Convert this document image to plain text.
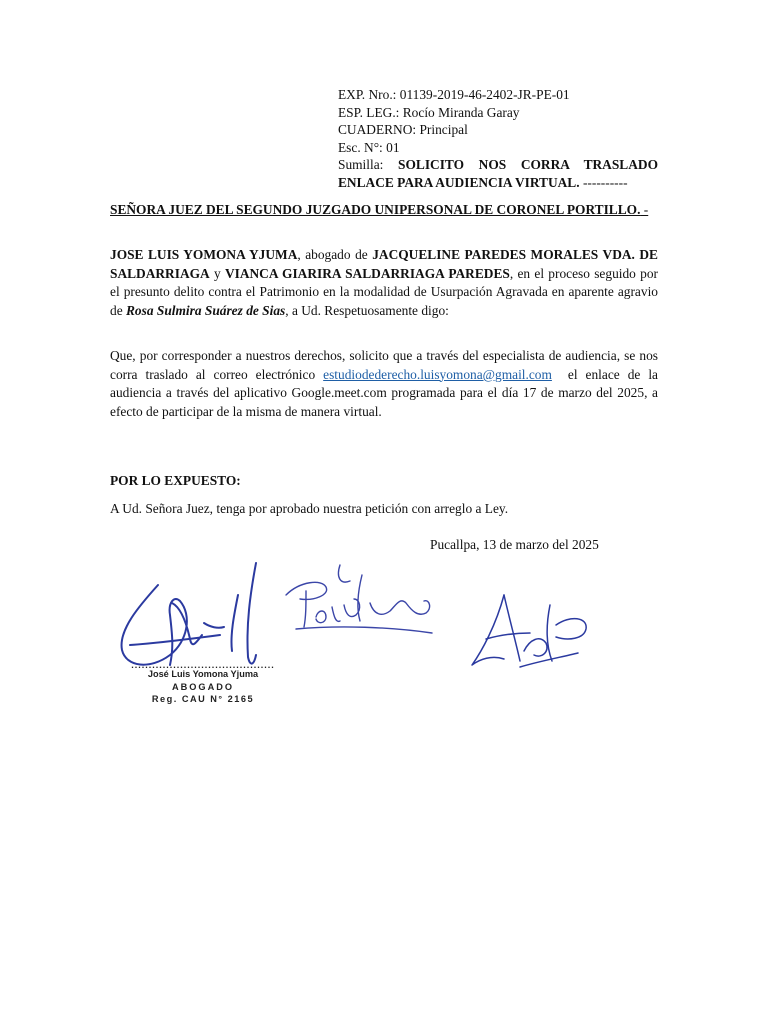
EXP. Nro.: 01139-2019-46-2402-JR-PE-01
ESP. LEG.: Rocío Miranda Garay
CUADERNO: Principal
Esc. N°: 01
Sumilla: SOLICITO NOS CORRA TRASLADO ENLACE PARA AUDIENCIA VIRTUAL. ----------
SEÑORA JUEZ DEL SEGUNDO JUZGADO UNIPERSONAL DE CORONEL PORTILLO. -
JOSE LUIS YOMONA YJUMA, abogado de JACQUELINE PAREDES MORALES VDA. DE SALDARRIAGA y VIANCA GIARIRA SALDARRIAGA PAREDES, en el proceso seguido por el presunto delito contra el Patrimonio en la modalidad de Usurpación Agravada en aparente agravio de Rosa Sulmira Suárez de Sias, a Ud. Respetuosamente digo:
Que, por corresponder a nuestros derechos, solicito que a través del especialista de audiencia, se nos corra traslado al correo electrónico estudiodederecho.luisyomona@gmail.com  el enlace de la audiencia a través del aplicativo Google.meet.com programada para el día 17 de marzo del 2025, a efecto de participar de la misma de manera virtual.
POR LO EXPUESTO:
A Ud. Señora Juez, tenga por aprobado nuestra petición con arreglo a Ley.
Pucallpa, 13 de marzo del 2025
.........................................
José Luis Yomona Yjuma
ABOGADO
Reg. CAU N° 2165
